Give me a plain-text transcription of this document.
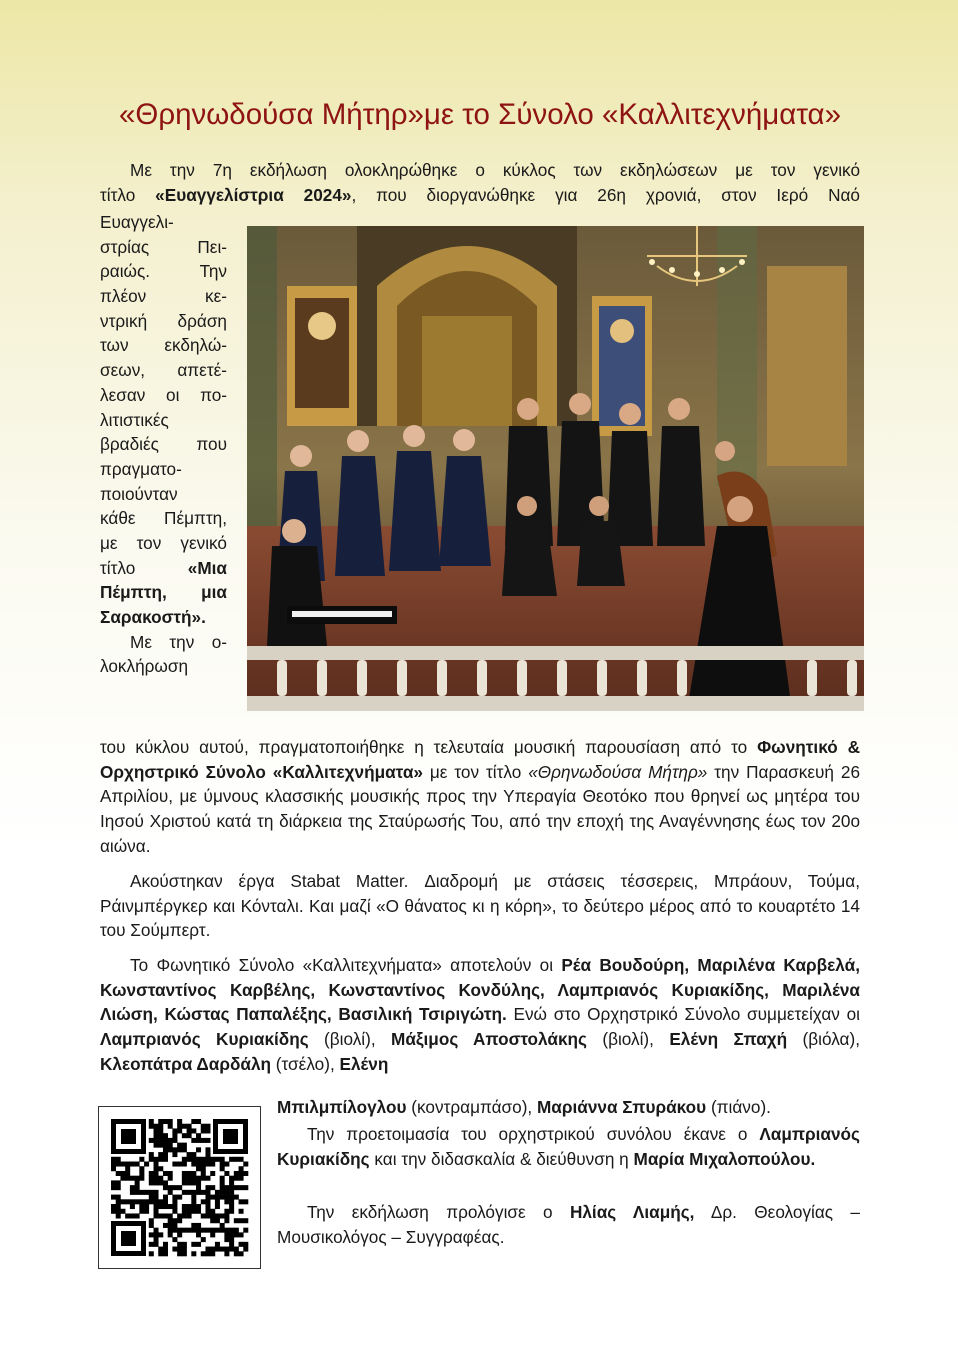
«Θρηνωδούσα Μήτηρ»με το Σύνολο «Καλλιτεχνήματα»

Με την 7η εκδήλωση ολοκληρώθηκε ο κύκλος των εκδηλώσεων με τον γενικό

τίτλο «Ευαγγελίστρια 2024», που διοργανώθηκε για 26η χρονιά, στον Ιερό Ναό

Ευαγγελι-
στρίας Πει-
ραιώς. Την
πλέον κε-
ντρική δράση
των εκδηλώ-
σεων, απετέ-
λεσαν οι πο-
λιτιστικές
βραδιές που
πραγματο-
ποιούνταν
κάθε Πέμπτη,
με τον γενικό
τίτλο «Μια
Πέμπτη, μια
Σαρακοστή».
Με την ο-
λοκλήρωση

του κύκλου αυτού, πραγματοποιήθηκε η τελευταία μουσική παρουσίαση από το Φωνητικό & Ορχηστρικό Σύνολο «Καλλιτεχνήματα» με τον τίτλο «Θρηνωδούσα Μήτηρ» την Παρασκευή 26 Απριλίου, με ύμνους κλασσικής μουσικής προς την Υπεραγία Θεοτόκο που θρηνεί ως μητέρα του Ιησού Χριστού κατά τη διάρκεια της Σταύρωσής Του, από την εποχή της Αναγέννησης έως τον 20ο αιώνα.

Ακούστηκαν έργα Stabat Matter. Διαδρομή με στάσεις τέσσερεις, Μπράουν, Τούμα, Ράινμπέργκερ και Κόνταλι. Και μαζί «Ο θάνατος κι η κόρη», το δεύτερο μέρος από το κουαρτέτο 14 του Σούμπερτ.

Το Φωνητικό Σύνολο «Καλλιτεχνήματα» αποτελούν οι Ρέα Βουδούρη, Μαριλένα Καρβελά, Κωνσταντίνος Καρβέλης, Κωνσταντίνος Κονδύλης, Λαμπριανός Κυριακίδης, Μαριλένα Λιώση, Κώστας Παπαλέξης, Βασιλική Τσιριγώτη. Ενώ στο Ορχηστρικό Σύνολο συμμετείχαν οι Λαμπριανός Κυριακίδης (βιολί), Μάξιμος Αποστολάκης (βιολί), Ελένη Σπαχή (βιόλα), Κλεοπάτρα Δαρδάλη (τσέλο), Ελένη

Μπιλμπίλογλου (κοντραμπάσο), Μαριάννα Σπυράκου (πιάνο).

Την προετοιμασία του ορχηστρικού συνόλου έκανε ο Λαμπριανός Κυριακίδης και την διδασκαλία & διεύθυνση η Μαρία Μιχαλοπούλου.

Την εκδήλωση προλόγισε ο Ηλίας Λιαμής, Δρ. Θεολογίας – Μουσικολόγος – Συγγραφέας.
